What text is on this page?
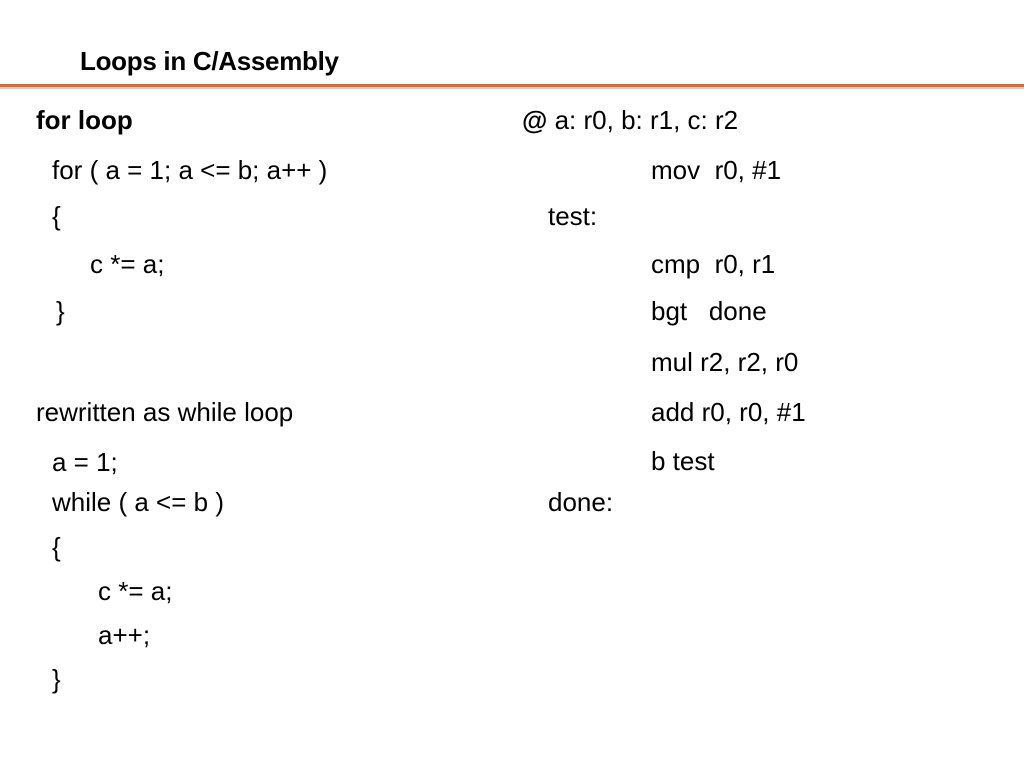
Loops in C/Assembly
for loop
for ( a = 1; a <= b; a++ )
{
c *= a;
}
rewritten as while loop
a = 1;
while ( a <= b )
{
c *= a;
a++;
}
@ a: r0, b: r1, c: r2
mov  r0, #1
test:
cmp  r0, r1
bgt   done
mul r2, r2, r0
add r0, r0, #1
b test
done:
